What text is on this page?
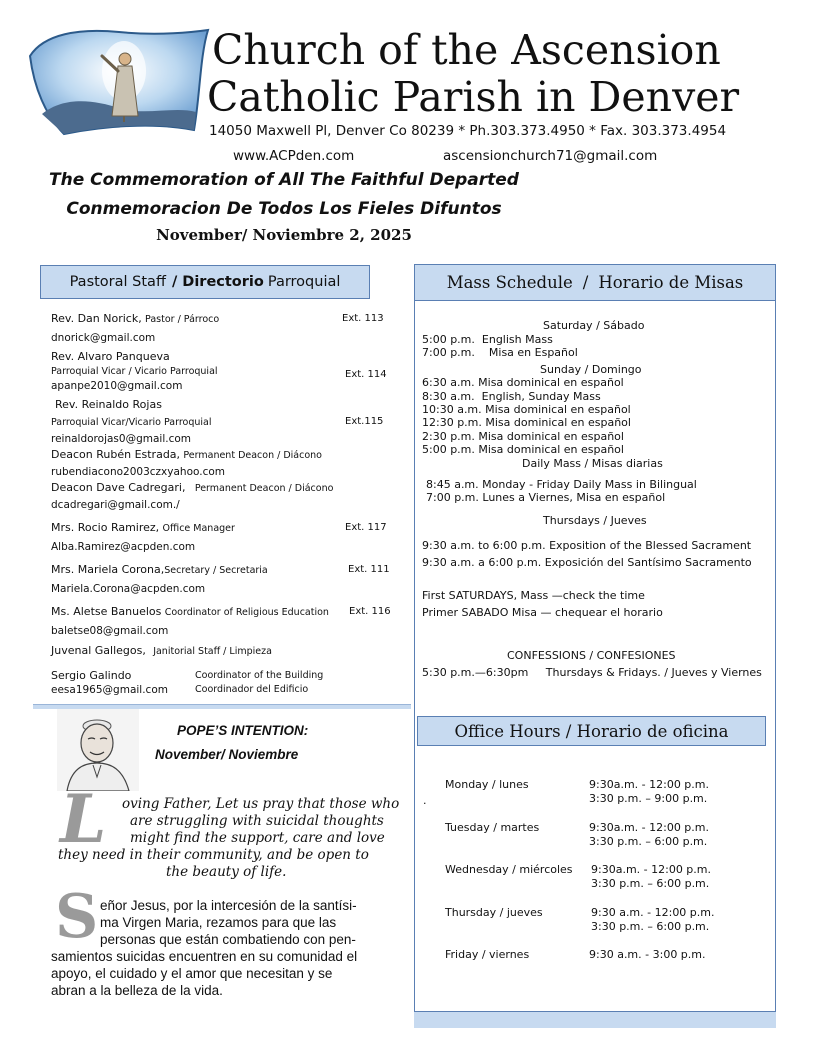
Church of the Ascension
Catholic Parish in Denver
14050 Maxwell Pl, Denver Co 80239 * Ph.303.373.4950 * Fax. 303.373.4954
www.ACPden.com	ascensionchurch71@gmail.com
The Commemoration of All The Faithful Departed
Conmemoracion De Todos Los Fieles Difuntos
November/ Noviembre 2, 2025
Pastoral Staff / Directorio Parroquial
Rev. Dan Norick, Pastor / Párroco	Ext. 113

dnorick@gmail.com
Rev. Alvaro Panqueva
Parroquial Vicar / Vicario Parroquial	Ext. 114

apanpe2010@gmail.com
Rev. Reinaldo Rojas
Parroquial Vicar/Vicario Parroquial	Ext.115

reinaldorojas0@gmail.com
Deacon Rubén Estrada, Permanent Deacon / Diácono
rubendiacono2003czxyahoo.com
Deacon Dave Cadregari, Permanent Deacon / Diácono
dcadregari@gmail.com./
Mrs. Rocio Ramirez, Office Manager	Ext. 117

Alba.Ramirez@acpden.com
Mrs. Mariela Corona,Secretary / Secretaria	Ext. 111

Mariela.Corona@acpden.com
Ms. Aletse Banuelos Coordinator of Religious Education Ext. 116

baletse08@gmail.com
Juvenal Gallegos, Janitorial Staff / Limpieza
Sergio Galindo	Coordinator of the Building

eesa1965@gmail.com	Coordinador del Edificio
Mass Schedule / Horario de Misas
Saturday / Sábado
5:00 p.m. English Mass
7:00 p.m. Misa en Español
Sunday / Domingo
6:30 a.m. Misa dominical en español
8:30 a.m. English, Sunday Mass
10:30 a.m. Misa dominical en español
12:30 p.m. Misa dominical en español
2:30 p.m. Misa dominical en español
5:00 p.m. Misa dominical en español
Daily Mass / Misas diarias
8:45 a.m. Monday - Friday Daily Mass in Bilingual
7:00 p.m. Lunes a Viernes, Misa en español
Thursdays / Jueves
9:30 a.m. to 6:00 p.m. Exposition of the Blessed Sacrament
9:30 a.m. a 6:00 p.m. Exposición del Santísimo Sacramento
First SATURDAYS, Mass —check the time
Primer SABADO Misa — chequear el horario
CONFESSIONS / CONFESIONES
5:30 p.m.—6:30pm Thursdays & Fridays. / Jueves y Viernes
Office Hours / Horario de oficina
Monday / lunes	9:30a.m. - 12:00 p.m.
3:30 p.m. – 9:00 p.m.
.
Tuesday / martes	9:30a.m. - 12:00 p.m.
3:30 p.m. – 6:00 p.m.
Wednesday / miércoles 9:30a.m. - 12:00 p.m.
3:30 p.m. – 6:00 p.m.
Thursday / jueves	9:30 a.m. - 12:00 p.m.
3:30 p.m. – 6:00 p.m.
Friday / viernes	9:30 a.m. - 3:00 p.m.
POPE’S INTENTION:
November/ Noviembre
L oving Father, Let us pray that those who
are struggling with suicidal thoughts
might find the support, care and love
they need in their community, and be open to
the beauty of life.
S eñor Jesus, por la intercesión de la santísi-
ma Virgen Maria, rezamos para que las
personas que están combatiendo con pen-
samientos suicidas encuentren en su comunidad el
apoyo, el cuidado y el amor que necesitan y se
abran a la belleza de la vida.
